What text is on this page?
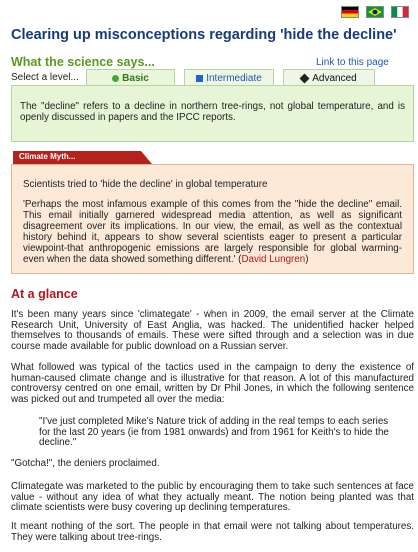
Clearing up misconceptions regarding 'hide the decline'
What the science says...	Link to this page
Select a level...	Basic	Intermediate	Advanced

The "decline" refers to a decline in northern tree-rings, not global temperature, and is openly discussed in papers and the IPCC reports.

Climate Myth...

Scientists tried to 'hide the decline' in global temperature

'Perhaps the most infamous example of this comes from the "hide the decline" email. This email initially garnered widespread media attention, as well as significant disagreement over its implications. In our view, the email, as well as the contextual history behind it, appears to show several scientists eager to present a particular viewpoint-that anthropogenic emissions are largely responsible for global warming-even when the data showed something different.' (David Lungren)

At a glance

It's been many years since 'climategate' - when in 2009, the email server at the Climate Research Unit, University of East Anglia, was hacked. The unidentified hacker helped themselves to thousands of emails. These were sifted through and a selection was in due course made available for public download on a Russian server.

What followed was typical of the tactics used in the campaign to deny the existence of human-caused climate change and is illustrative for that reason. A lot of this manufactured controversy centred on one email, written by Dr Phil Jones, in which the following sentence was picked out and trumpeted all over the media:

"I've just completed Mike's Nature trick of adding in the real temps to each series for the last 20 years (ie from 1981 onwards) and from 1961 for Keith's to hide the decline."

"Gotcha!", the deniers proclaimed.

Climategate was marketed to the public by encouraging them to take such sentences at face value - without any idea of what they actually meant. The notion being planted was that climate scientists were busy covering up declining temperatures.

It meant nothing of the sort. The people in that email were not talking about temperatures. They were talking about tree-rings.
